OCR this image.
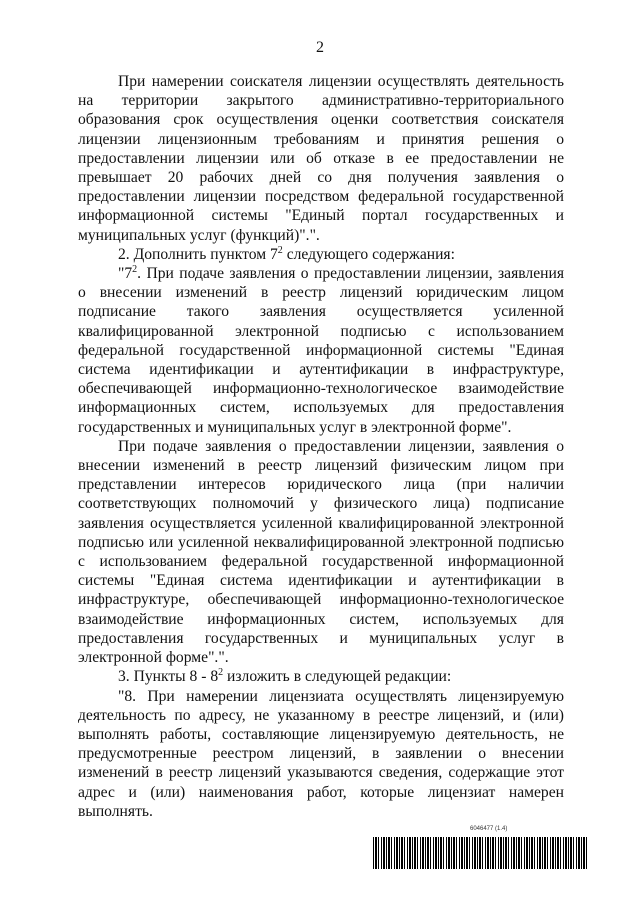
2

При намерении соискателя лицензии осуществлять деятельность на территории закрытого административно-территориального образования срок осуществления оценки соответствия соискателя лицензии лицензионным требованиям и принятия решения о предоставлении лицензии или об отказе в ее предоставлении не превышает 20 рабочих дней со дня получения заявления о предоставлении лицензии посредством федеральной государственной информационной системы "Единый портал государственных и муниципальных услуг (функций)".".

2. Дополнить пунктом $7^2$ следующего содержания:

"$7^2$. При подаче заявления о предоставлении лицензии, заявления о внесении изменений в реестр лицензий юридическим лицом подписание такого заявления осуществляется усиленной квалифицированной электронной подписью с использованием федеральной государственной информационной системы "Единая система идентификации и аутентификации в инфраструктуре, обеспечивающей информационно-технологическое взаимодействие информационных систем, используемых для предоставления государственных и муниципальных услуг в электронной форме".

При подаче заявления о предоставлении лицензии, заявления о внесении изменений в реестр лицензий физическим лицом при представлении интересов юридического лица (при наличии соответствующих полномочий у физического лица) подписание заявления осуществляется усиленной квалифицированной электронной подписью или усиленной неквалифицированной электронной подписью с использованием федеральной государственной информационной системы "Единая система идентификации и аутентификации в инфраструктуре, обеспечивающей информационно-технологическое взаимодействие информационных систем, используемых для предоставления государственных и муниципальных услуг в электронной форме".".

3. Пункты $8 - 8^2$ изложить в следующей редакции:

"8. При намерении лицензиата осуществлять лицензируемую деятельность по адресу, не указанному в реестре лицензий, и (или) выполнять работы, составляющие лицензируемую деятельность, не предусмотренные реестром лицензий, в заявлении о внесении изменений в реестр лицензий указываются сведения, содержащие этот адрес и (или) наименования работ, которые лицензиат намерен выполнять.

6046477 (1.4)
